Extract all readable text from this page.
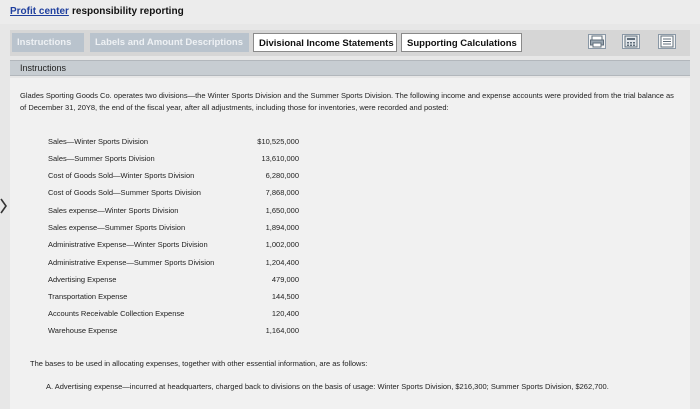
Profit center responsibility reporting
Instructions	Labels and Amount Descriptions	Divisional Income Statements	Supporting Calculations
Instructions
Glades Sporting Goods Co. operates two divisions—the Winter Sports Division and the Summer Sports Division. The following income and expense accounts were provided from the trial balance as of December 31, 20Y8, the end of the fiscal year, after all adjustments, including those for inventories, were recorded and posted:
Sales—Winter Sports Division	$10,525,000
Sales—Summer Sports Division	13,610,000
Cost of Goods Sold—Winter Sports Division	6,280,000
Cost of Goods Sold—Summer Sports Division	7,868,000
Sales expense—Winter Sports Division	1,650,000
Sales expense—Summer Sports Division	1,894,000
Administrative Expense—Winter Sports Division	1,002,000
Administrative Expense—Summer Sports Division	1,204,400
Advertising Expense	479,000
Transportation Expense	144,500
Accounts Receivable Collection Expense	120,400
Warehouse Expense	1,164,000
The bases to be used in allocating expenses, together with other essential information, are as follows:
A. Advertising expense—incurred at headquarters, charged back to divisions on the basis of usage: Winter Sports Division, $216,300; Summer Sports Division, $262,700.
